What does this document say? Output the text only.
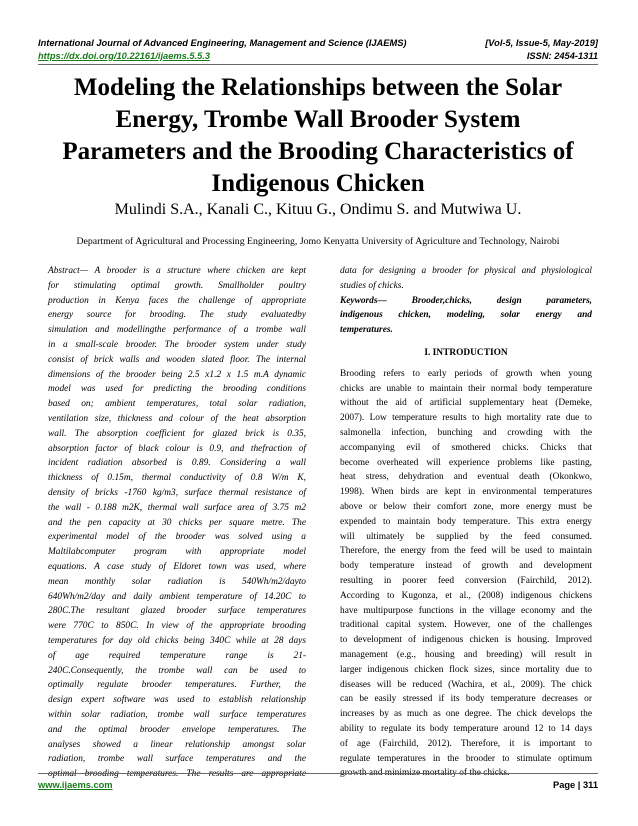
International Journal of Advanced Engineering, Management and Science (IJAEMS)	[Vol-5, Issue-5, May-2019]
https://dx.doi.org/10.22161/ijaems.5.5.3	ISSN: 2454-1311
Modeling the Relationships between the Solar
Energy, Trombe Wall Brooder System
Parameters and the Brooding Characteristics of
Indigenous Chicken
Mulindi S.A., Kanali C., Kituu G., Ondimu S. and Mutwiwa U.
Department of Agricultural and Processing Engineering, Jomo Kenyatta University of Agriculture and Technology, Nairobi
Abstract— A brooder is a structure where chicken are kept
for stimulating optimal growth. Smallholder poultry
production in Kenya faces the challenge of appropriate
energy source for brooding. The study evaluatedby
simulation and modellingthe performance of a trombe wall
in a small-scale brooder. The brooder system under study
consist of brick walls and wooden slated floor. The internal
dimensions of the brooder being 2.5 x1.2 x 1.5 m.A dynamic
model was used for predicting the brooding conditions
based on; ambient temperatures, total solar radiation,
ventilation size, thickness and colour of the heat absorption
wall. The absorption coefficient for glazed brick is 0.35,
absorption factor of black colour is 0.9, and thefraction of
incident radiation absorbed is 0.89. Considering a wall
thickness of 0.15m, thermal conductivity of 0.8 W/m K,
density of bricks -1760 kg/m3, surface thermal resistance of
the wall - 0.188 m2K, thermal wall surface area of 3.75 m2
and the pen capacity at 30 chicks per square metre. The
experimental model of the brooder was solved using a
Maltilabcomputer program with appropriate model
equations. A case study of Eldoret town was used, where
mean monthly solar radiation is 540Wh/m2/dayto
640Wh/m2/day and daily ambient temperature of 14.20C to
280C.The resultant glazed brooder surface temperatures
were 770C to 850C. In view of the appropriate brooding
temperatures for day old chicks being 340C while at 28 days
of age required temperature range is 21-
240C.Consequently, the trombe wall can be used to
optimally regulate brooder temperatures. Further, the
design expert software was used to establish relationship
within solar radiation, trombe wall surface temperatures
and the optimal brooder envelope temperatures. The
analyses showed a linear relationship amongst solar
radiation, trombe wall surface temperatures and the
optimal brooding temperatures. The results are appropriate
data for designing a brooder for physical and physiological
studies of chicks.
Keywords— Brooder,chicks, design parameters,
indigenous chicken, modeling, solar energy and
temperatures.
I. INTRODUCTION
Brooding refers to early periods of growth when young
chicks are unable to maintain their normal body temperature
without the aid of artificial supplementary heat (Demeke,
2007). Low temperature results to high mortality rate due to
salmonella infection, bunching and crowding with the
accompanying evil of smothered chicks. Chicks that
become overheated will experience problems like pasting,
heat stress, dehydration and eventual death (Okonkwo,
1998). When birds are kept in environmental temperatures
above or below their comfort zone, more energy must be
expended to maintain body temperature. This extra energy
will ultimately be supplied by the feed consumed.
Therefore, the energy from the feed will be used to maintain
body temperature instead of growth and development
resulting in poorer feed conversion (Fairchild, 2012).
According to Kugonza, et al., (2008) indigenous chickens
have multipurpose functions in the village economy and the
traditional capital system. However, one of the challenges
to development of indigenous chicken is housing. Improved
management (e.g., housing and breeding) will result in
larger indigenous chicken flock sizes, since mortality due to
diseases will be reduced (Wachira, et al., 2009). The chick
can be easily stressed if its body temperature decreases or
increases by as much as one degree. The chick develops the
ability to regulate its body temperature around 12 to 14 days
of age (Fairchild, 2012). Therefore, it is important to
regulate temperatures in the brooder to stimulate optimum
growth and minimize mortality of the chicks.
www.ijaems.com	Page | 311
